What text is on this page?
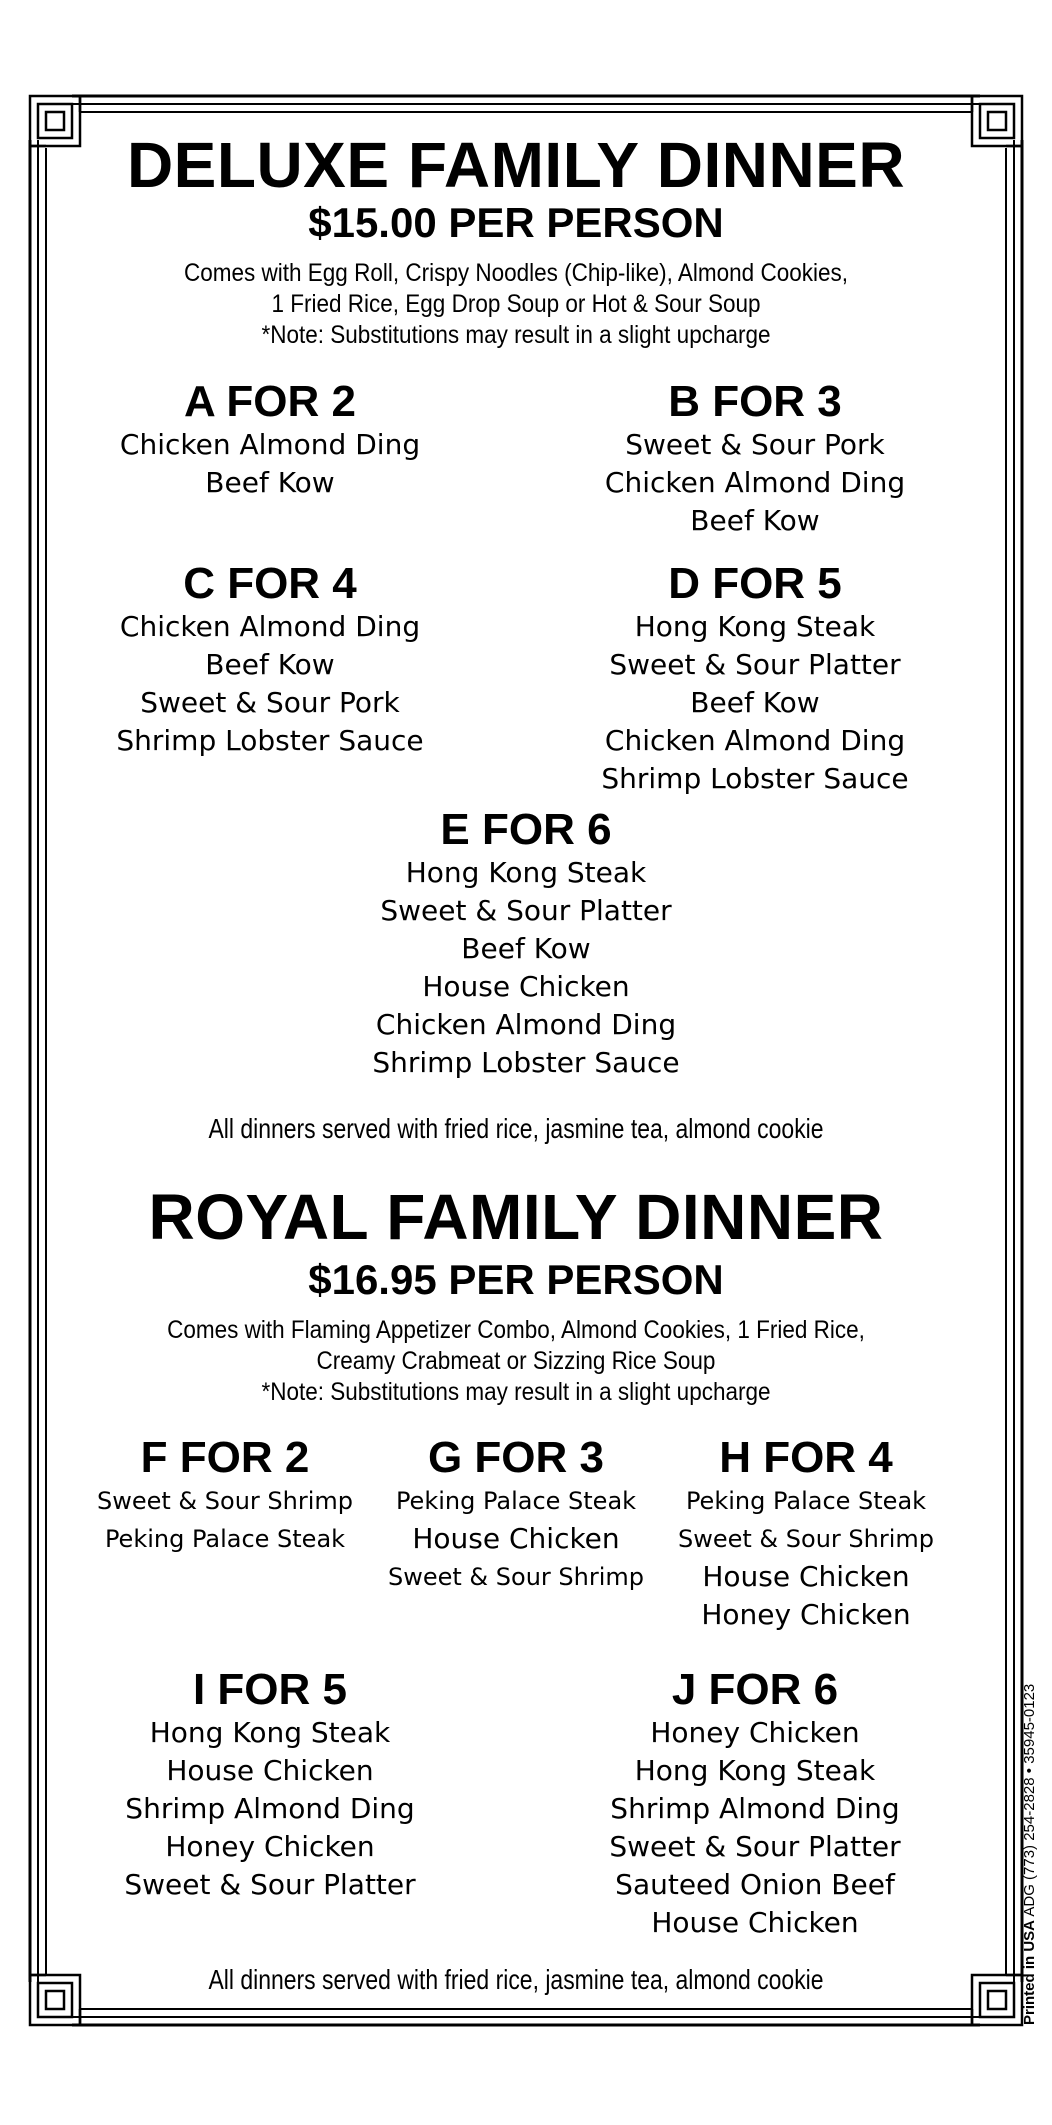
DELUXE FAMILY DINNER
$15.00 PER PERSON
Comes with Egg Roll, Crispy Noodles (Chip-like), Almond Cookies,
1 Fried Rice, Egg Drop Soup or Hot & Sour Soup
*Note: Substitutions may result in a slight upcharge
A FOR 2
Chicken Almond Ding
Beef Kow
B FOR 3
Sweet & Sour Pork
Chicken Almond Ding
Beef Kow
C FOR 4
Chicken Almond Ding
Beef Kow
Sweet & Sour Pork
Shrimp Lobster Sauce
D FOR 5
Hong Kong Steak
Sweet & Sour Platter
Beef Kow
Chicken Almond Ding
Shrimp Lobster Sauce
E FOR 6
Hong Kong Steak
Sweet & Sour Platter
Beef Kow
House Chicken
Chicken Almond Ding
Shrimp Lobster Sauce
All dinners served with fried rice, jasmine tea, almond cookie
ROYAL FAMILY DINNER
$16.95 PER PERSON
Comes with Flaming Appetizer Combo, Almond Cookies, 1 Fried Rice,
Creamy Crabmeat or Sizzing Rice Soup
*Note: Substitutions may result in a slight upcharge
F FOR 2
Sweet & Sour Shrimp
Peking Palace Steak
G FOR 3
Peking Palace Steak
House Chicken
Sweet & Sour Shrimp
H FOR 4
Peking Palace Steak
Sweet & Sour Shrimp
House Chicken
Honey Chicken
I FOR 5
Hong Kong Steak
House Chicken
Shrimp Almond Ding
Honey Chicken
Sweet & Sour Platter
J FOR 6
Honey Chicken
Hong Kong Steak
Shrimp Almond Ding
Sweet & Sour Platter
Sauteed Onion Beef
House Chicken
All dinners served with fried rice, jasmine tea, almond cookie	Printed in USA ADG (773) 254-2828 • 35945-0123
